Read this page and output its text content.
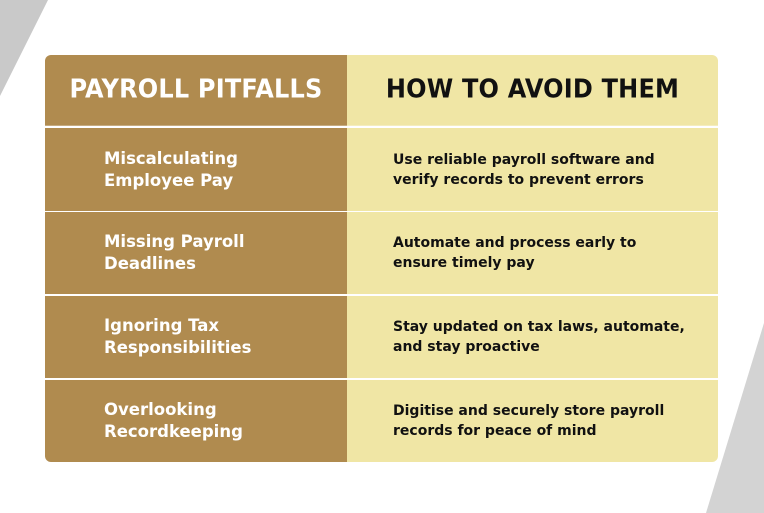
PAYROLL PITFALLS	HOW TO AVOID THEM
Miscalculating Employee Pay
Use reliable payroll software and verify records to prevent errors
Missing Payroll Deadlines
Automate and process early to ensure timely pay
Ignoring Tax Responsibilities
Stay updated on tax laws, automate, and stay proactive
Overlooking Recordkeeping
Digitise and securely store payroll records for peace of mind
